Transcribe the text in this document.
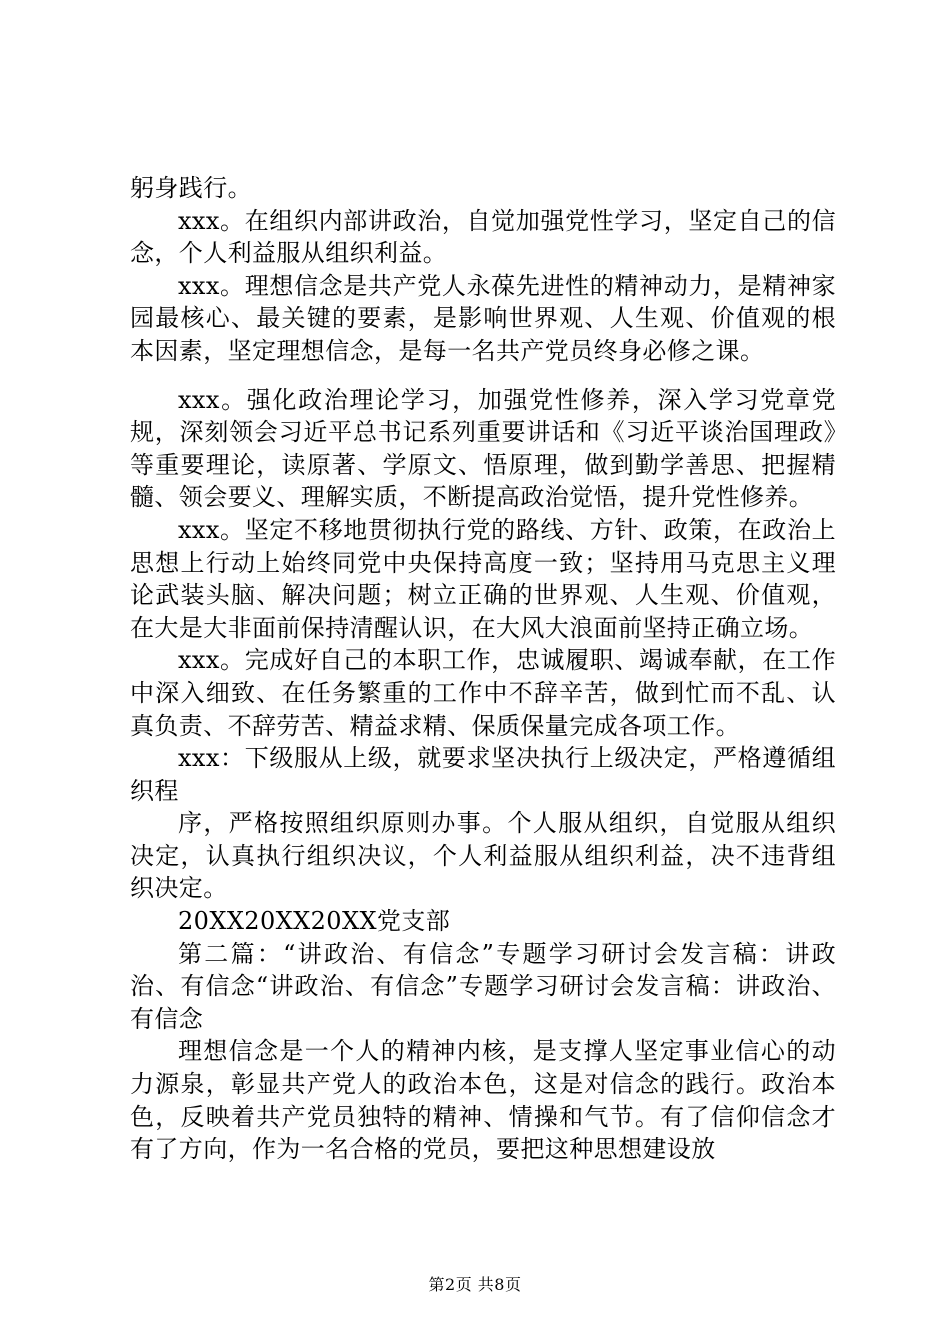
躬身践行。

xxx。在组织内部讲政治，自觉加强党性学习，坚定自己的信念，个人利益服从组织利益。

xxx。理想信念是共产党人永葆先进性的精神动力，是精神家园最核心、最关键的要素，是影响世界观、人生观、价值观的根本因素，坚定理想信念，是每一名共产党员终身必修之课。

xxx。强化政治理论学习，加强党性修养，深入学习党章党规，深刻领会习近平总书记系列重要讲话和《习近平谈治国理政》等重要理论，读原著、学原文、悟原理，做到勤学善思、把握精髓、领会要义、理解实质，不断提高政治觉悟，提升党性修养。

xxx。坚定不移地贯彻执行党的路线、方针、政策，在政治上思想上行动上始终同党中央保持高度一致；坚持用马克思主义理论武装头脑、解决问题；树立正确的世界观、人生观、价值观，在大是大非面前保持清醒认识，在大风大浪面前坚持正确立场。

xxx。完成好自己的本职工作，忠诚履职、竭诚奉献，在工作中深入细致、在任务繁重的工作中不辞辛苦，做到忙而不乱、认真负责、不辞劳苦、精益求精、保质保量完成各项工作。

xxx：下级服从上级，就要求坚决执行上级决定，严格遵循组织程

序，严格按照组织原则办事。个人服从组织，自觉服从组织决定，认真执行组织决议，个人利益服从组织利益，决不违背组织决定。

20XX20XX20XX党支部

第二篇：“讲政治、有信念”专题学习研讨会发言稿：讲政治、有信念“讲政治、有信念”专题学习研讨会发言稿：讲政治、有信念

理想信念是一个人的精神内核，是支撑人坚定事业信心的动力源泉，彰显共产党人的政治本色，这是对信念的践行。政治本色，反映着共产党员独特的精神、情操和气节。有了信仰信念才有了方向，作为一名合格的党员，要把这种思想建设放

第2页 共8页
